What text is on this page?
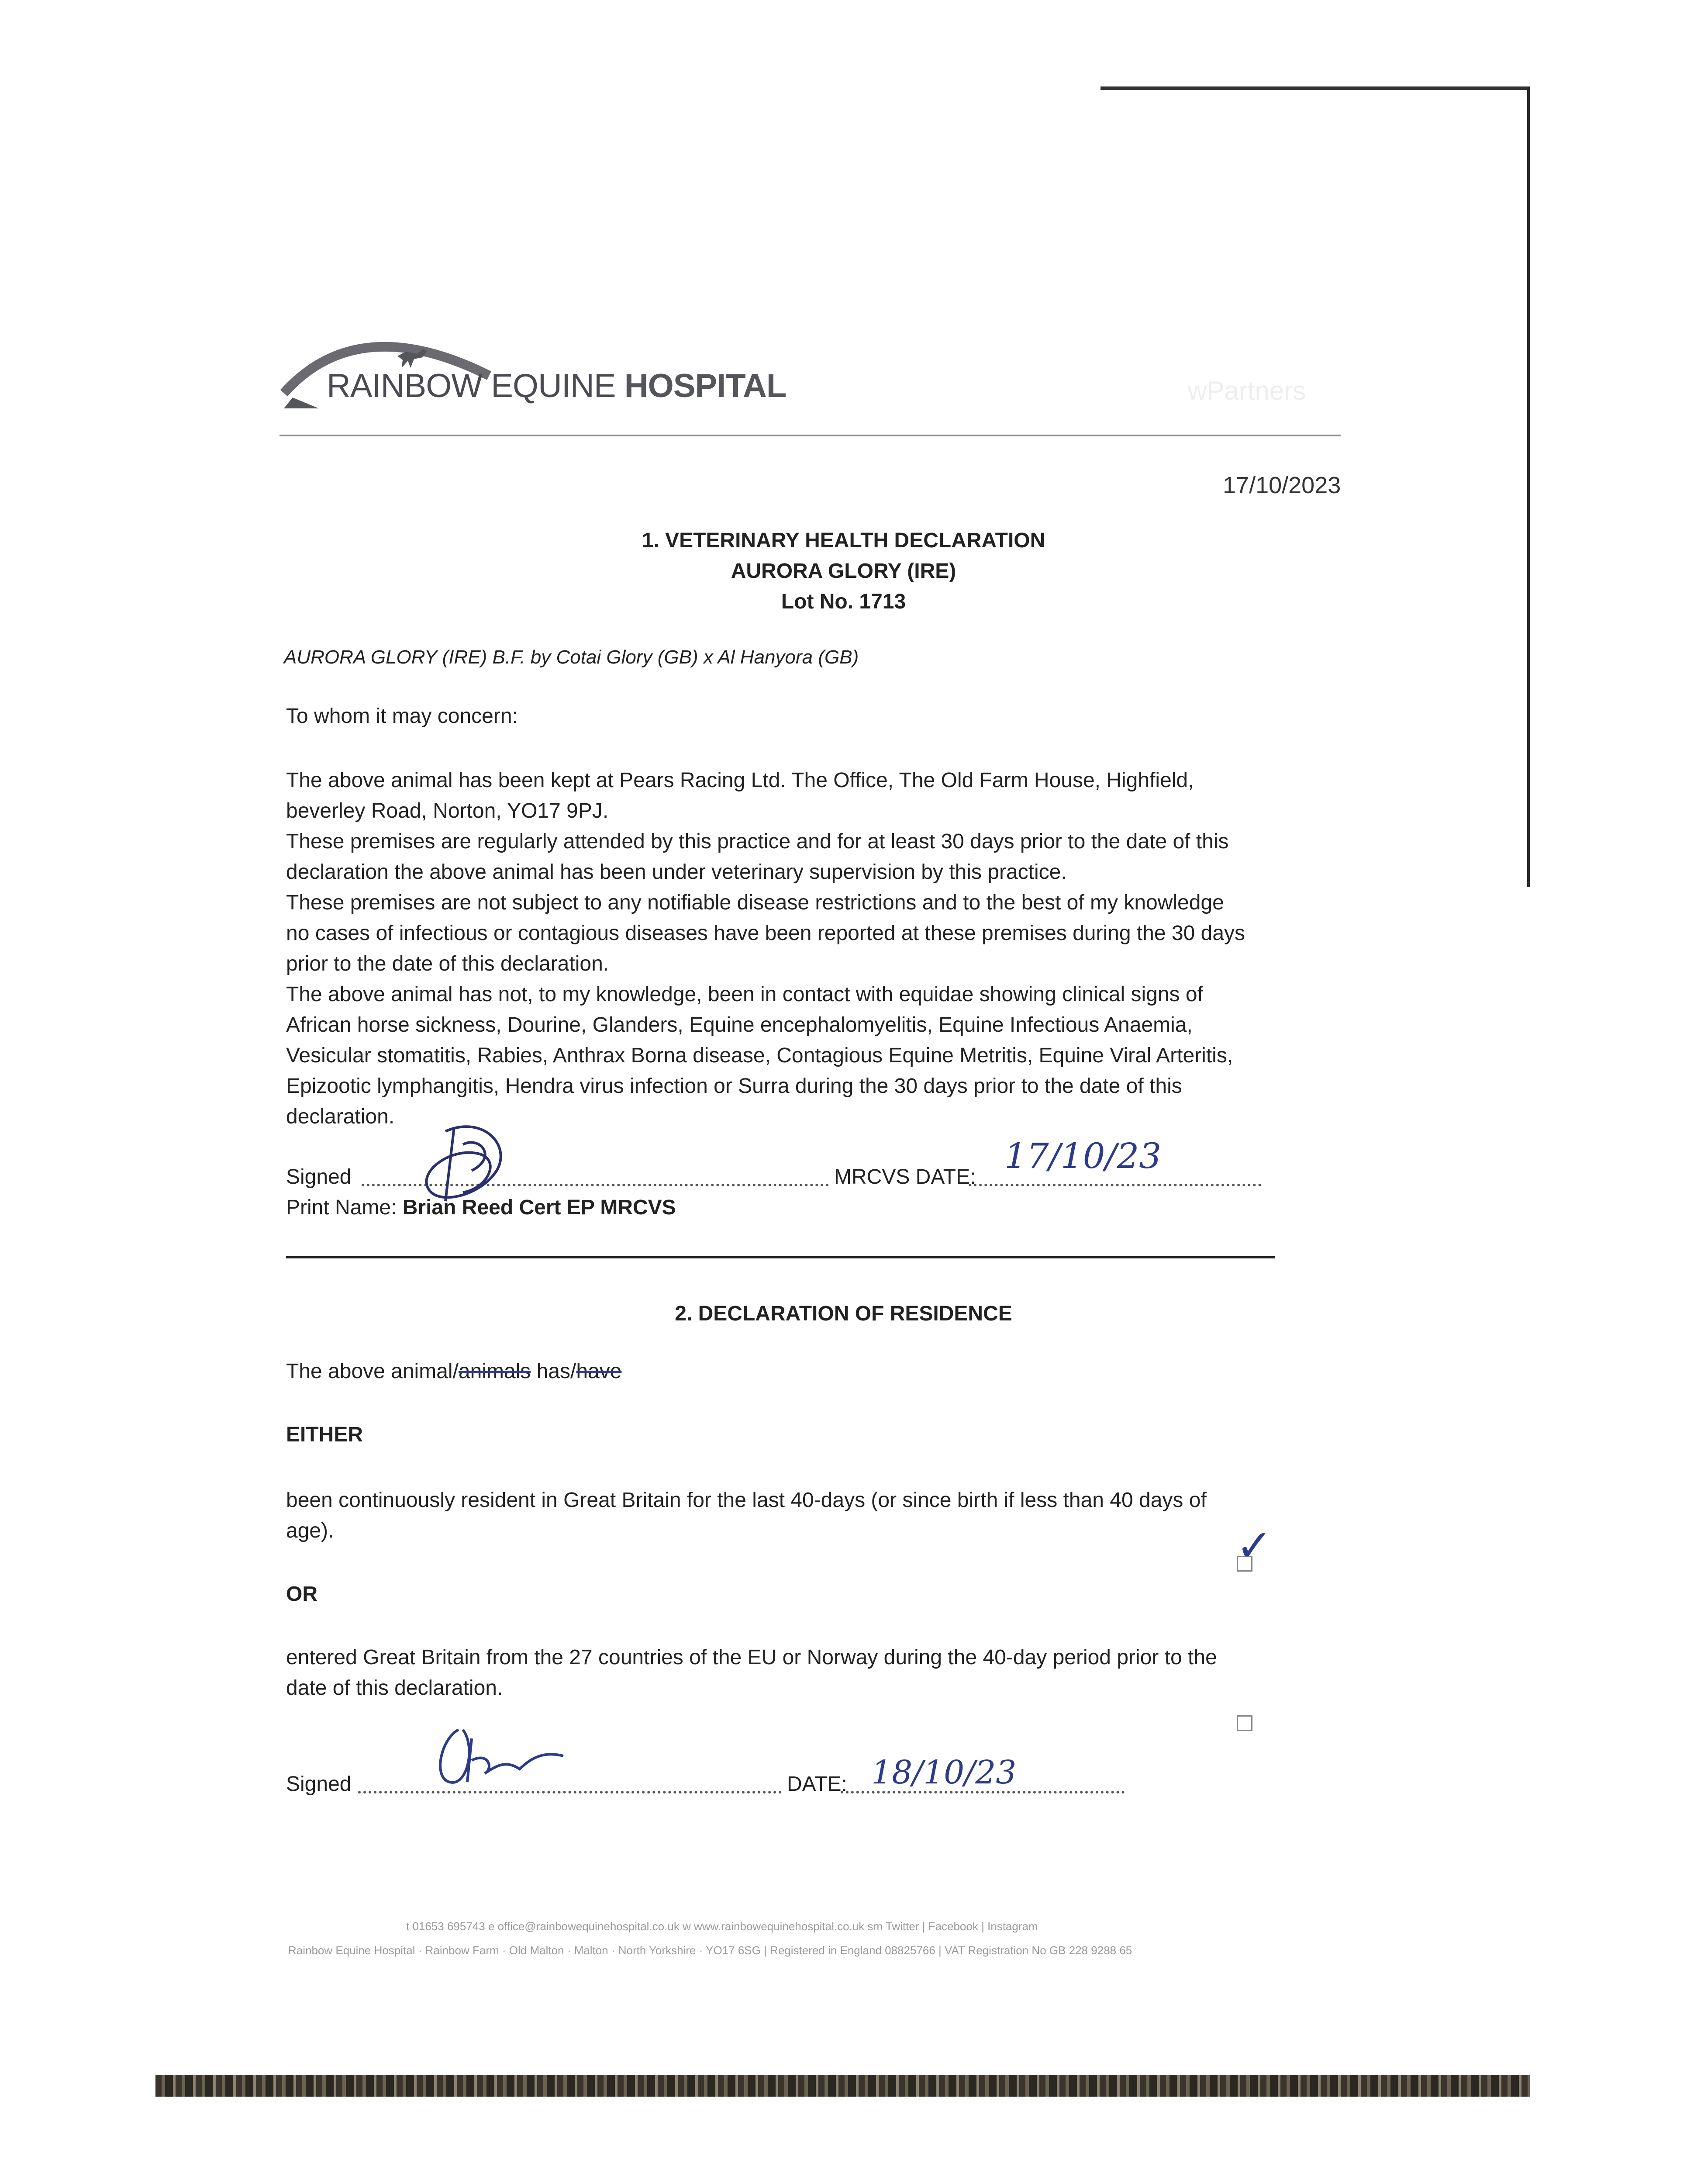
RAINBOW EQUINE HOSPITAL	wPartners
17/10/2023
1. VETERINARY HEALTH DECLARATION
AURORA GLORY (IRE)
Lot No. 1713
AURORA GLORY (IRE) B.F. by Cotai Glory (GB) x Al Hanyora (GB)
To whom it may concern:
The above animal has been kept at Pears Racing Ltd. The Office, The Old Farm House, Highfield,
beverley Road, Norton, YO17 9PJ.
These premises are regularly attended by this practice and for at least 30 days prior to the date of this
declaration the above animal has been under veterinary supervision by this practice.
These premises are not subject to any notifiable disease restrictions and to the best of my knowledge
no cases of infectious or contagious diseases have been reported at these premises during the 30 days
prior to the date of this declaration.
The above animal has not, to my knowledge, been in contact with equidae showing clinical signs of
African horse sickness, Dourine, Glanders, Equine encephalomyelitis, Equine Infectious Anaemia,
Vesicular stomatitis, Rabies, Anthrax Borna disease, Contagious Equine Metritis, Equine Viral Arteritis,
Epizootic lymphangitis, Hendra virus infection or Surra during the 30 days prior to the date of this
declaration.
Signed	MRCVS DATE:
17/10/23
Print Name: Brian Reed Cert EP MRCVS
2. DECLARATION OF RESIDENCE
The above animal/animals has/have
EITHER
been continuously resident in Great Britain for the last 40-days (or since birth if less than 40 days of
age).	✓
OR
entered Great Britain from the 27 countries of the EU or Norway during the 40-day period prior to the
date of this declaration.
Signed	DATE: 18/10/23
t 01653 695743 e office@rainbowequinehospital.co.uk w www.rainbowequinehospital.co.uk sm Twitter | Facebook | Instagram
Rainbow Equine Hospital · Rainbow Farm · Old Malton · Malton · North Yorkshire · YO17 6SG | Registered in England 08825766 | VAT Registration No GB 228 9288 65
